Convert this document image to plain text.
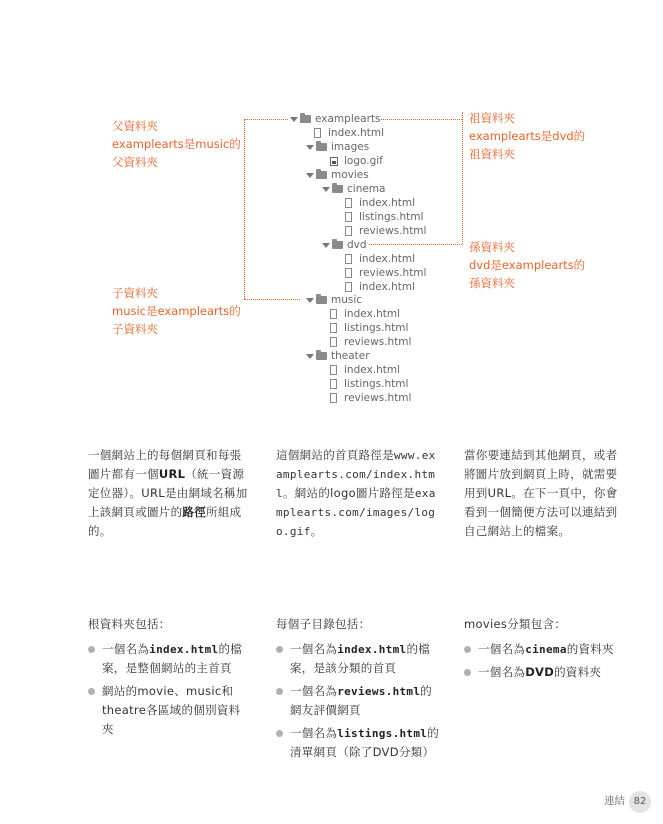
父資料夾
examplearts是music的
父資料夾
祖資料夾
examplearts是dvd的
祖資料夾
孫資料夾
dvd是examplearts的
孫資料夾
子資料夾
music是examplearts的
子資料夾
examplearts
index.html
images
logo.gif
movies
cinema
index.html
listings.html
reviews.html
dvd
index.html
reviews.html
index.html
music
index.html
listings.html
reviews.html
theater
index.html
listings.html
reviews.html
一個網站上的每個網頁和每張圖片都有一個URL（統一資源定位器）。URL是由網域名稱加上該網頁或圖片的路徑所組成的。
這個網站的首頁路徑是www.examplearts.com/index.html。網站的logo圖片路徑是examplearts.com/images/logo.gif。
當你要連結到其他網頁，或者將圖片放到網頁上時，就需要用到URL。在下一頁中，你會看到一個簡便方法可以連結到自己網站上的檔案。
根資料夾包括：
一個名為index.html的檔案，是整個網站的主首頁
網站的movie、music和theatre各區域的個別資料夾
每個子目錄包括：
一個名為index.html的檔案，是該分類的首頁
一個名為reviews.html的網友評價網頁
一個名為listings.html的清單網頁（除了DVD分類）
movies分類包含：
一個名為cinema的資料夾
一個名為DVD的資料夾
連結 82
